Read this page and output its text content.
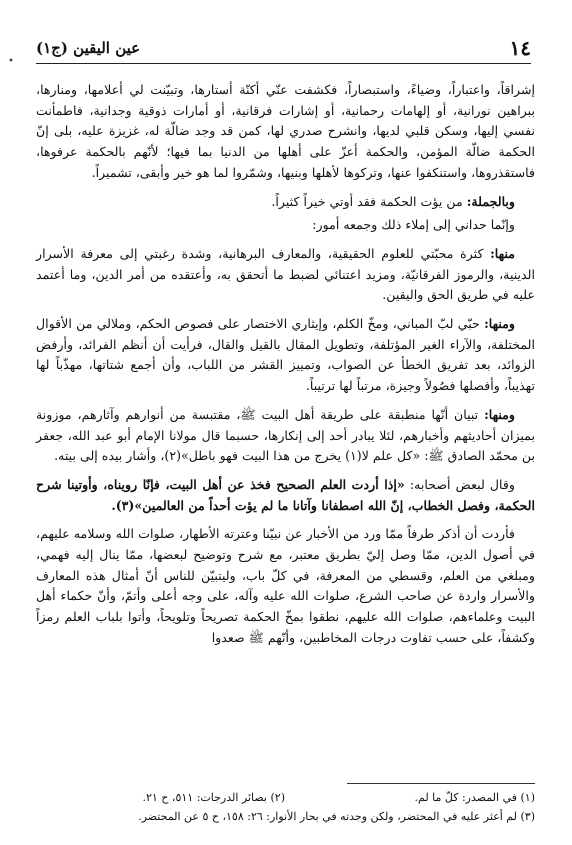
•
١٤
عين اليقين (ج١)

إشراقاً، واعتباراً، وضياءً، واستبصاراً، فكشفت عنّي أكنّة أستارها، وتبيّنت لي أعلامها، ومنارها، ببراهين نورانية، أو إلهامات رحمانية، أو إشارات فرقانية، أو أمارات ذوقية وجدانية، فاطمأنت نفسي إليها، وسكن قلبي لديها، وانشرح صدري لها، كمن قد وجد ضالّة له، غزيزة عليه، بلى إنّ الحكمة ضالّة المؤمن، والحكمة أعزّ على أهلها من الدنيا بما فيها؛ لأنّهم بالحكمة عرفوها، فاستقذروها، واستنكفوا عنها، وتركوها لأهلها وبنيها، وشمّروا لما هو خير وأبقى، تشميراً.

وبالجملة: من يؤت الحكمة فقد أوتي خيراً كثيراً.

وإنّما حداني إلى إملاء ذلك وجمعه أمور:

منها: كثرة محبّتي للعلوم الحقيقية، والمعارف البرهانية، وشدة رغبتي إلى معرفة الأسرار الدينية، والرموز الفرقانيّة، ومزيد اعتنائي لضبط ما أتحقق به، وأعتقده من أمر الدين، وما أعتمد عليه في طريق الحق واليقين.

ومنها: حبّي لبّ المباني، ومخّ الكلم، وإيثاري الاختصار على فصوص الحكم، وملالي من الأقوال المختلفة، والآراء الغير المؤتلفة، وتطويل المقال بالقيل والقال، فرأيت أن أنظم الفرائد، وأرفض الزوائد، بعد تفريق الخطأ عن الصواب، وتمييز القشر من اللباب، وأن أجمع شتاتها، مهذّباً لها تهذيباً، وأفصلها فصُولاً وجيزة، مرتباً لها ترتيباً.

ومنها: تبيان أنّها منطبقة على طريقة أهل البيت ﷺ، مقتبسة من أنوارهم وآثارهم، موزونة بميزان أحاديثهم وأخبارهم، لئلا يبادر أحد إلى إنكارها، حسبما قال مولانا الإمام أبو عبد الله، جعفر بن محمّد الصادق ﷺ: «كل علم لا(١) يخرج من هذا البيت فهو باطل»(٢)، وأشار بيده إلى بيته.

وقال لبعض أصحابه: «إذا أردت العلم الصحيح فخذ عن أهل البيت، فإنّا رويناه، وأوتينا شرح الحكمة، وفصل الخطاب، إنّ الله اصطفانا وآتانا ما لم يؤت أحداً من العالمين»(٣).

فأردت أن أذكر طرفاً ممّا ورد من الأخبار عن نبيّنا وعترته الأطهار، صلوات الله وسلامه عليهم، في أصول الدين، ممّا وصل إليّ بطريق معتبر، مع شرح وتوضيح لبعضها، ممّا ينال إليه فهمي، ومبلغي من العلم، وقسطي من المعرفة، في كلّ باب، وليتبيّن للناس أنّ أمثال هذه المعارف والأسرار واردة عن صاحب الشرع، صلوات الله عليه وآله، على وجه أعلى وأتمّ، وأنّ حكماء أهل البيت وعلماءهم، صلوات الله عليهم، نطقوا بمخّ الحكمة تصريحاً وتلويحاً، وأتوا بلباب العلم رمزاً وكشفاً، على حسب تفاوت درجات المخاطبين، وأنّهم ﷺ صعدوا

(١) في المصدر: كلّ ما لم.(٢) بصائر الدرجات: ٥١١، ح ٢١.
(٣) لم أعثر عليه في المحتضر، ولكن وجدته في بحار الأنوار: ٢٦: ١٥٨، ح ٥ عن المحتضر.
